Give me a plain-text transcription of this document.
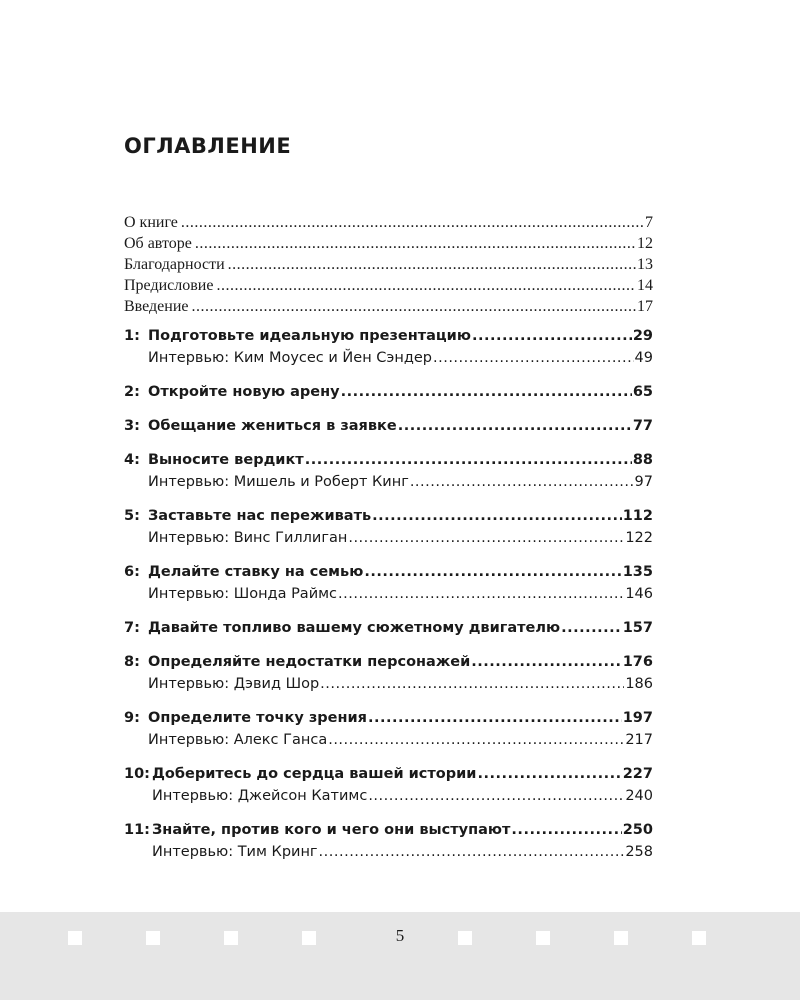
ОГЛАВЛЕНИЕ
О книге .....	7
Об авторе .....	12
Благодарности .....	13
Предисловие .....	14
Введение .....	17
1: Подготовьте идеальную презентацию .....	29
Интервью: Ким Моусес и Йен Сэндер .....	49
2: Откройте новую арену .....	65
3: Обещание жениться в заявке .....	77
4: Выносите вердикт .....	88
Интервью: Мишель и Роберт Кинг .....	97
5: Заставьте нас переживать .....	112
Интервью: Винс Гиллиган .....	122
6: Делайте ставку на семью .....	135
Интервью: Шонда Раймс .....	146
7: Давайте топливо вашему сюжетному двигателю .....	157
8: Определяйте недостатки персонажей .....	176
Интервью: Дэвид Шор .....	186
9: Определите точку зрения .....	197
Интервью: Алекс Ганса .....	217
10: Доберитесь до сердца вашей истории .....	227
Интервью: Джейсон Катимс .....	240
11: Знайте, против кого и чего они выступают .....	250
Интервью: Тим Кринг .....	258
5
